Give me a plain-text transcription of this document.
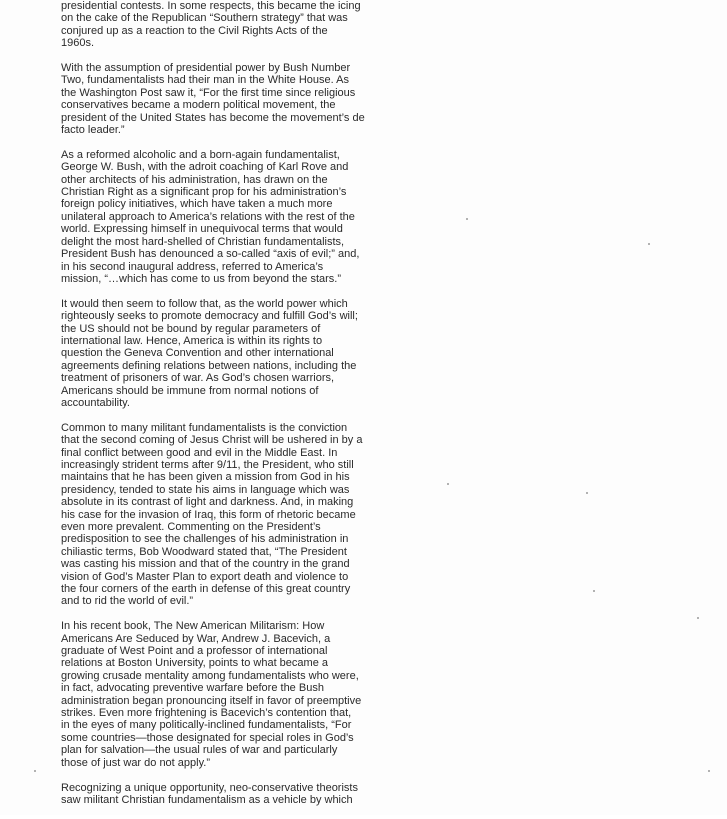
presidential contests. In some respects, this became the icing
on the cake of the Republican “Southern strategy” that was
conjured up as a reaction to the Civil Rights Acts of the
1960s.

With the assumption of presidential power by Bush Number
Two, fundamentalists had their man in the White House. As
the Washington Post saw it, “For the first time since religious
conservatives became a modern political movement, the
president of the United States has become the movement’s de
facto leader.”

As a reformed alcoholic and a born-again fundamentalist,
George W. Bush, with the adroit coaching of Karl Rove and
other architects of his administration, has drawn on the
Christian Right as a significant prop for his administration’s
foreign policy initiatives, which have taken a much more
unilateral approach to America’s relations with the rest of the
world. Expressing himself in unequivocal terms that would
delight the most hard-shelled of Christian fundamentalists,
President Bush has denounced a so-called “axis of evil;” and,
in his second inaugural address, referred to America’s
mission, “…which has come to us from beyond the stars.”

It would then seem to follow that, as the world power which
righteously seeks to promote democracy and fulfill God’s will;
the US should not be bound by regular parameters of
international law. Hence, America is within its rights to
question the Geneva Convention and other international
agreements defining relations between nations, including the
treatment of prisoners of war. As God’s chosen warriors,
Americans should be immune from normal notions of
accountability.

Common to many militant fundamentalists is the conviction
that the second coming of Jesus Christ will be ushered in by a
final conflict between good and evil in the Middle East. In
increasingly strident terms after 9/11, the President, who still
maintains that he has been given a mission from God in his
presidency, tended to state his aims in language which was
absolute in its contrast of light and darkness. And, in making
his case for the invasion of Iraq, this form of rhetoric became
even more prevalent. Commenting on the President’s
predisposition to see the challenges of his administration in
chiliastic terms, Bob Woodward stated that, “The President
was casting his mission and that of the country in the grand
vision of God’s Master Plan to export death and violence to
the four corners of the earth in defense of this great country
and to rid the world of evil.”

In his recent book, The New American Militarism: How
Americans Are Seduced by War, Andrew J. Bacevich, a
graduate of West Point and a professor of international
relations at Boston University, points to what became a
growing crusade mentality among fundamentalists who were,
in fact, advocating preventive warfare before the Bush
administration began pronouncing itself in favor of preemptive
strikes. Even more frightening is Bacevich’s contention that,
in the eyes of many politically-inclined fundamentalists, “For
some countries—those designated for special roles in God’s
plan for salvation—the usual rules of war and particularly
those of just war do not apply.”

Recognizing a unique opportunity, neo-conservative theorists
saw militant Christian fundamentalism as a vehicle by which
